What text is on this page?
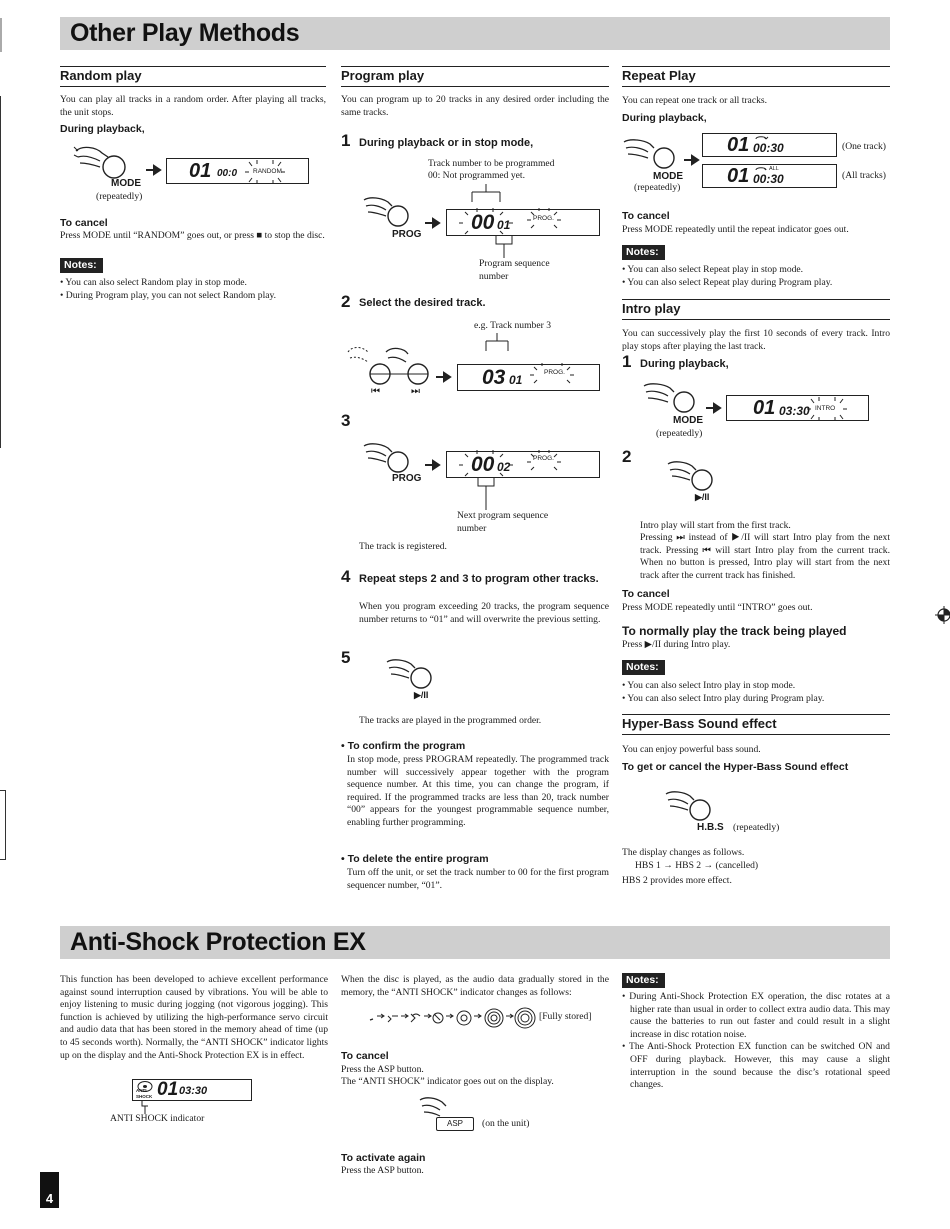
Other Play Methods
Random play

You can play all tracks in a random order. After playing all tracks, the unit stops.

During playback,
MODE
(repeatedly)
01 00:0 RANDOM
To cancel
Press MODE until “RANDOM” goes out, or press ■ to stop the disc.
Notes:
• You can also select Random play in stop mode.
• During Program play, you can not select Random play.
Program play

You can program up to 20 tracks in any desired order including the same tracks.

1 During playback or in stop mode,
Track number to be programmed
00: Not programmed yet.
PROG
00 01	PROG.
Program sequence number
2 Select the desired track.
e.g. Track number 3
⏮	⏭
03 01
PROG.
3
PROG
00 02
PROG.
Next program sequence number
The track is registered.
4 Repeat steps 2 and 3 to program other tracks.

When you program exceeding 20 tracks, the program sequence number returns to “01” and will overwrite the previous setting.

5
▶/II
The tracks are played in the programmed order.
• To confirm the program

In stop mode, press PROGRAM repeatedly. The programmed track number will successively appear together with the program sequence number. At this time, you can change the program, if required. If the programmed tracks are less than 20, track number “00” appears for the youngest programmable sequence number, enabling further programming.

• To delete the entire program

Turn off the unit, or set the track number to 00 for the first program sequencer number, “01”.

Repeat Play
You can repeat one track or all tracks.
During playback,
MODE
(repeatedly)
01 00:30	(One track)
01 00:30
ALL
(All tracks)
To cancel
Press MODE repeatedly until the repeat indicator goes out.
Notes:
• You can also select Repeat play in stop mode.
• You can also select Repeat play during Program play.
Intro play

You can successively play the first 10 seconds of every track. Intro play stops after playing the last track.

1 During playback,
MODE
(repeatedly)
01 03:30 INTRO
2
▶/II
Intro play will start from the first track.

Pressing ⏭ instead of ▶/II will start Intro play from the next track. Pressing ⏮ will start Intro play from the current track. When no button is pressed, Intro play will start from the next track after the current track has finished.

To cancel
Press MODE repeatedly until “INTRO” goes out.
To normally play the track being played
Press ▶/II during Intro play.
Notes:
• You can also select Intro play in stop mode.
• You can also select Intro play during Program play.
Hyper-Bass Sound effect
You can enjoy powerful bass sound.
To get or cancel the Hyper-Bass Sound effect
H.B.S (repeatedly)
The display changes as follows.
HBS 1 → HBS 2 → (cancelled)
HBS 2 provides more effect.
Anti-Shock Protection EX

This function has been developed to achieve excellent performance against sound interruption caused by vibrations. You will be able to enjoy listening to music during jogging (not vigorous jogging). This function is achieved by utilizing the high-performance servo circuit and audio data that has been stored in the memory ahead of time (up to 45 seconds worth). Normally, the “ANTI SHOCK” indicator lights up on the display and the Anti-Shock Protection EX is in effect.

ANTI
SHOCK 01 03:30
ANTI SHOCK indicator

When the disc is played, as the audio data gradually stored in the memory, the “ANTI SHOCK” indicator changes as follows:

[Fully stored]
To cancel
Press the ASP button.
The “ANTI SHOCK” indicator goes out on the display.
ASP	(on the unit)
To activate again
Press the ASP button.
Notes:
• During Anti-Shock Protection EX operation, the disc rotates at a higher rate than usual in order to collect extra audio data. This may cause the batteries to run out faster and could result in a slight increase in disc rotation noise.
• The Anti-Shock Protection EX function can be switched ON and OFF during playback. However, this may cause a slight interruption in the sound because the disc’s rotational speed changes.
4
